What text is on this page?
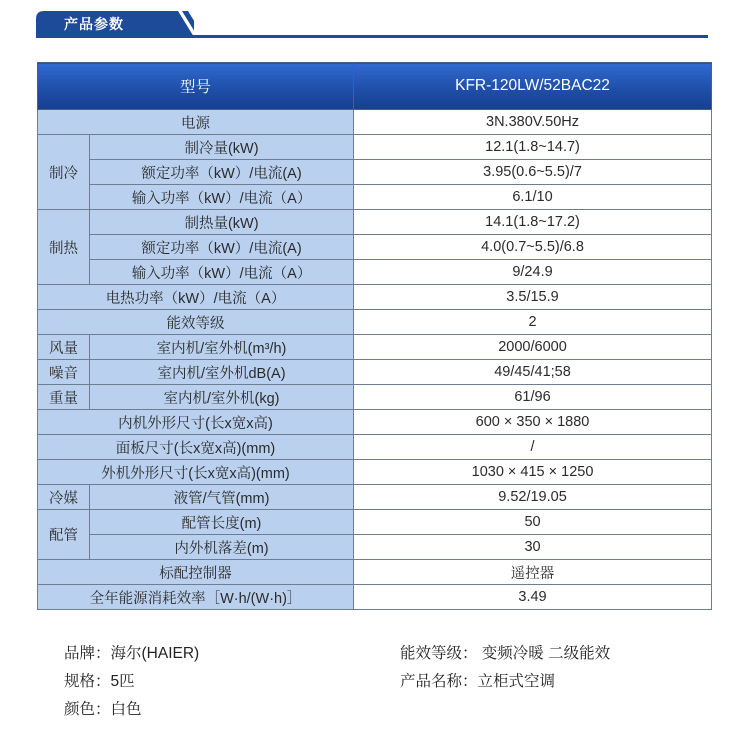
产品参数
型号		KFR-120LW/52BAC22
电源		3N.380V.50Hz
制冷	制冷量(kW)	12.1(1.8~14.7)
	额定功率（kW）/电流(A)	3.95(0.6~5.5)/7
	输入功率（kW）/电流（A）	6.1/10
制热	制热量(kW)	14.1(1.8~17.2)
	额定功率（kW）/电流(A)	4.0(0.7~5.5)/6.8
	输入功率（kW）/电流（A）	9/24.9
电热功率（kW）/电流（A）		3.5/15.9
能效等级		2
风量	室内机/室外机(m³/h)	2000/6000
噪音	室内机/室外机dB(A)	49/45/41;58
重量	室内机/室外机(kg)	61/96
内机外形尺寸(长x宽x高)		600 × 350 × 1880
面板尺寸(长x宽x高)(mm)		/
外机外形尺寸(长x宽x高)(mm)		1030 × 415 × 1250
冷媒	液管/气管(mm)	9.52/19.05
配管	配管长度(m)	50
	内外机落差(m)	30
标配控制器		遥控器
全年能源消耗效率［W·h/(W·h)］		3.49
品牌：海尔(HAIER)
规格：5匹
颜色：白色
能效等级： 变频冷暖 二级能效
产品名称：立柜式空调
